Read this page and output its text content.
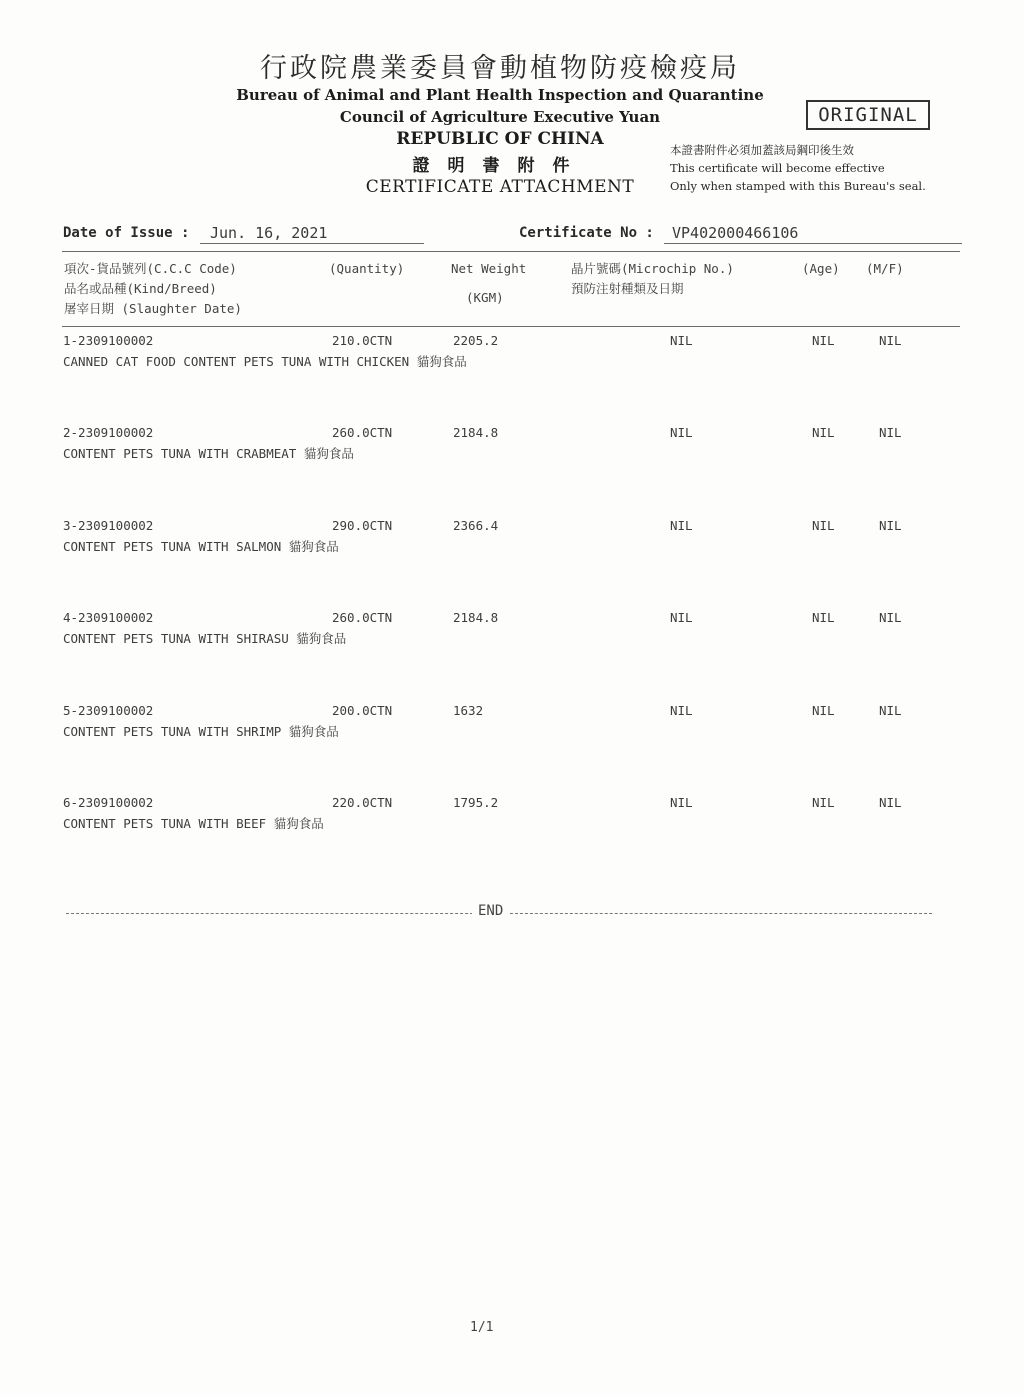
行政院農業委員會動植物防疫檢疫局
Bureau of Animal and Plant Health Inspection and Quarantine
Council of Agriculture Executive Yuan
REPUBLIC OF CHINA
證明書附件
CERTIFICATE ATTACHMENT
ORIGINAL
本證書附件必須加蓋該局鋼印後生效
This certificate will become effective
Only when stamped with this Bureau's seal.
Date of Issue : Jun. 16, 2021	Certificate No : VP402000466106
項次-貨品號列(C.C.C Code)
品名或品種(Kind/Breed)
屠宰日期 (Slaughter Date)
(Quantity)	Net Weight
(KGM)
晶片號碼(Microchip No.)
預防注射種類及日期
(Age) (M/F)
1-2309100002	210.0CTN	2205.2	NIL	NIL	NIL
CANNED CAT FOOD CONTENT PETS TUNA WITH CHICKEN 貓狗食品
2-2309100002	260.0CTN	2184.8	NIL	NIL	NIL
CONTENT PETS TUNA WITH CRABMEAT 貓狗食品
3-2309100002	290.0CTN	2366.4	NIL	NIL	NIL
CONTENT PETS TUNA WITH SALMON 貓狗食品
4-2309100002	260.0CTN	2184.8	NIL	NIL	NIL
CONTENT PETS TUNA WITH SHIRASU 貓狗食品
5-2309100002	200.0CTN	1632	NIL	NIL	NIL
CONTENT PETS TUNA WITH SHRIMP 貓狗食品
6-2309100002	220.0CTN	1795.2	NIL	NIL	NIL
CONTENT PETS TUNA WITH BEEF 貓狗食品
END
1/1
